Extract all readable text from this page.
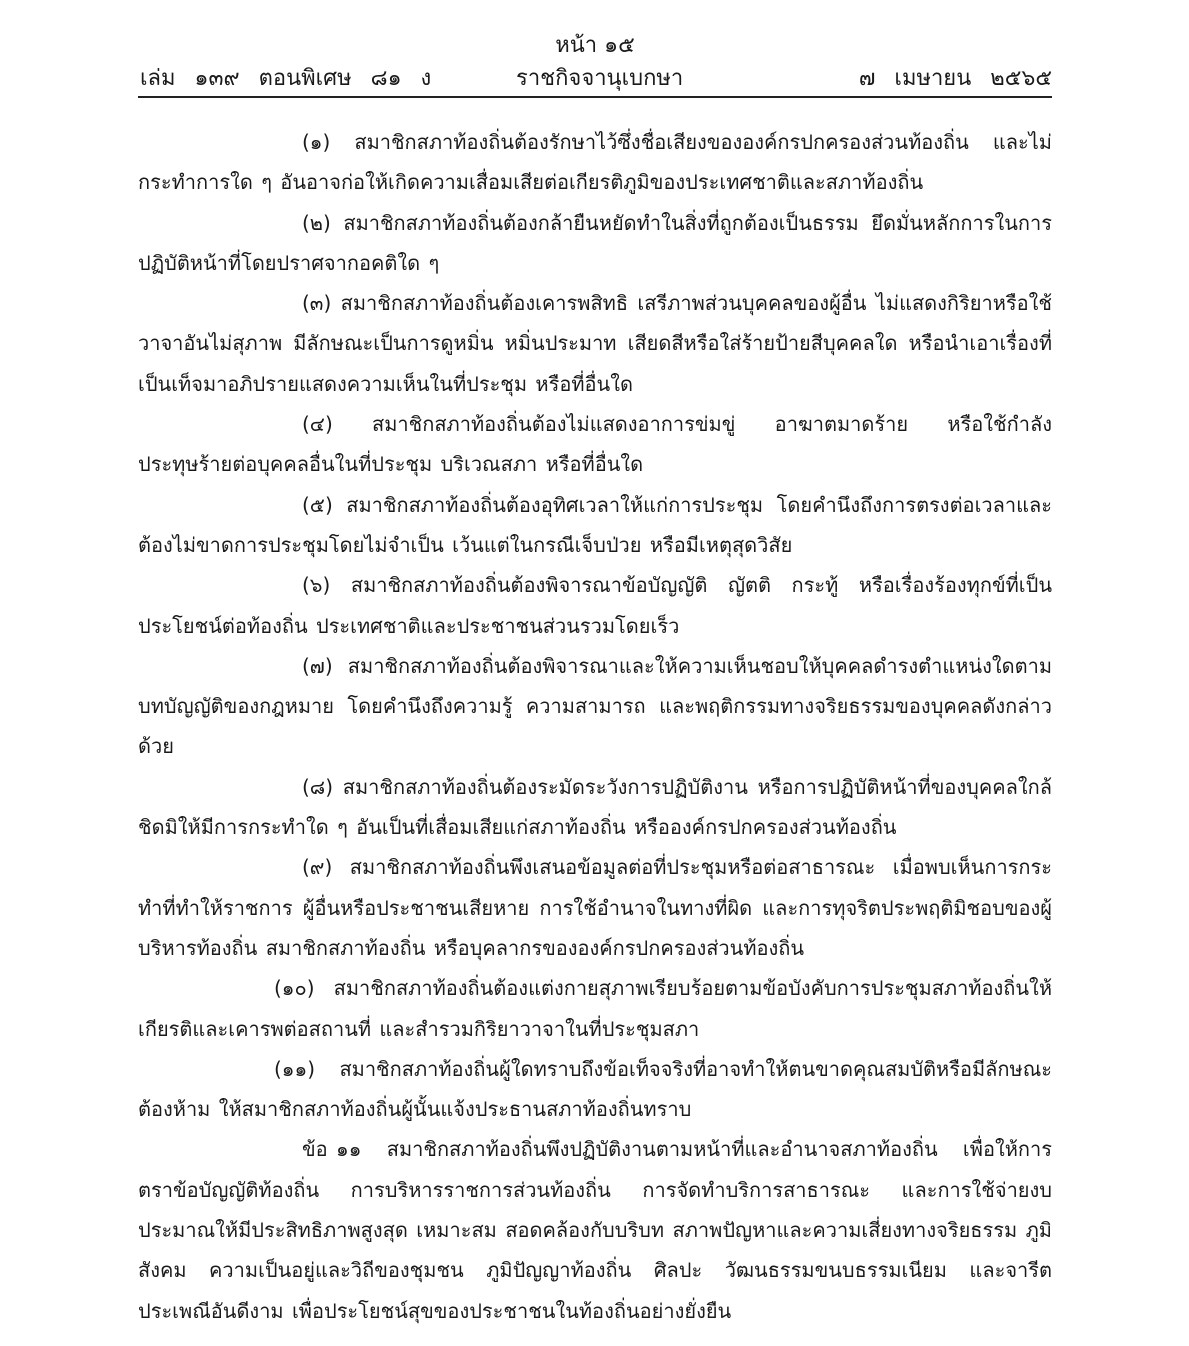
หน้า ๑๕
เล่ม ๑๓๙ ตอนพิเศษ ๘๑ ง	ราชกิจจานุเบกษา	๗ เมษายน ๒๕๖๕

(๑) สมาชิกสภาท้องถิ่นต้องรักษาไว้ซึ่งชื่อเสียงขององค์กรปกครองส่วนท้องถิ่น และไม่กระทำการใด ๆ อันอาจก่อให้เกิดความเสื่อมเสียต่อเกียรติภูมิของประเทศชาติและสภาท้องถิ่น

(๒) สมาชิกสภาท้องถิ่นต้องกล้ายืนหยัดทำในสิ่งที่ถูกต้องเป็นธรรม ยึดมั่นหลักการในการปฏิบัติหน้าที่โดยปราศจากอคติใด ๆ

(๓) สมาชิกสภาท้องถิ่นต้องเคารพสิทธิ เสรีภาพส่วนบุคคลของผู้อื่น ไม่แสดงกิริยาหรือใช้วาจาอันไม่สุภาพ มีลักษณะเป็นการดูหมิ่น หมิ่นประมาท เสียดสีหรือใส่ร้ายป้ายสีบุคคลใด หรือนำเอาเรื่องที่เป็นเท็จมาอภิปรายแสดงความเห็นในที่ประชุม หรือที่อื่นใด

(๔) สมาชิกสภาท้องถิ่นต้องไม่แสดงอาการข่มขู่ อาฆาตมาดร้าย หรือใช้กำลังประทุษร้ายต่อบุคคลอื่นในที่ประชุม บริเวณสภา หรือที่อื่นใด

(๕) สมาชิกสภาท้องถิ่นต้องอุทิศเวลาให้แก่การประชุม โดยคำนึงถึงการตรงต่อเวลาและต้องไม่ขาดการประชุมโดยไม่จำเป็น เว้นแต่ในกรณีเจ็บป่วย หรือมีเหตุสุดวิสัย

(๖) สมาชิกสภาท้องถิ่นต้องพิจารณาข้อบัญญัติ ญัตติ กระทู้ หรือเรื่องร้องทุกข์ที่เป็นประโยชน์ต่อท้องถิ่น ประเทศชาติและประชาชนส่วนรวมโดยเร็ว

(๗) สมาชิกสภาท้องถิ่นต้องพิจารณาและให้ความเห็นชอบให้บุคคลดำรงตำแหน่งใดตามบทบัญญัติของกฎหมาย โดยคำนึงถึงความรู้ ความสามารถ และพฤติกรรมทางจริยธรรมของบุคคลดังกล่าวด้วย

(๘) สมาชิกสภาท้องถิ่นต้องระมัดระวังการปฏิบัติงาน หรือการปฏิบัติหน้าที่ของบุคคลใกล้ชิดมิให้มีการกระทำใด ๆ อันเป็นที่เสื่อมเสียแก่สภาท้องถิ่น หรือองค์กรปกครองส่วนท้องถิ่น

(๙) สมาชิกสภาท้องถิ่นพึงเสนอข้อมูลต่อที่ประชุมหรือต่อสาธารณะ เมื่อพบเห็นการกระทำที่ทำให้ราชการ ผู้อื่นหรือประชาชนเสียหาย การใช้อำนาจในทางที่ผิด และการทุจริตประพฤติมิชอบของผู้บริหารท้องถิ่น สมาชิกสภาท้องถิ่น หรือบุคลากรขององค์กรปกครองส่วนท้องถิ่น

(๑๐) สมาชิกสภาท้องถิ่นต้องแต่งกายสุภาพเรียบร้อยตามข้อบังคับการประชุมสภาท้องถิ่นให้เกียรติและเคารพต่อสถานที่ และสำรวมกิริยาวาจาในที่ประชุมสภา

(๑๑) สมาชิกสภาท้องถิ่นผู้ใดทราบถึงข้อเท็จจริงที่อาจทำให้ตนขาดคุณสมบัติหรือมีลักษณะต้องห้าม ให้สมาชิกสภาท้องถิ่นผู้นั้นแจ้งประธานสภาท้องถิ่นทราบ

ข้อ ๑๑ สมาชิกสภาท้องถิ่นพึงปฏิบัติงานตามหน้าที่และอำนาจสภาท้องถิ่น เพื่อให้การตราข้อบัญญัติท้องถิ่น การบริหารราชการส่วนท้องถิ่น การจัดทำบริการสาธารณะ และการใช้จ่ายงบประมาณให้มีประสิทธิภาพสูงสุด เหมาะสม สอดคล้องกับบริบท สภาพปัญหาและความเสี่ยงทางจริยธรรม ภูมิสังคม ความเป็นอยู่และวิถีของชุมชน ภูมิปัญญาท้องถิ่น ศิลปะ วัฒนธรรมขนบธรรมเนียม และจารีตประเพณีอันดีงาม เพื่อประโยชน์สุขของประชาชนในท้องถิ่นอย่างยั่งยืน
